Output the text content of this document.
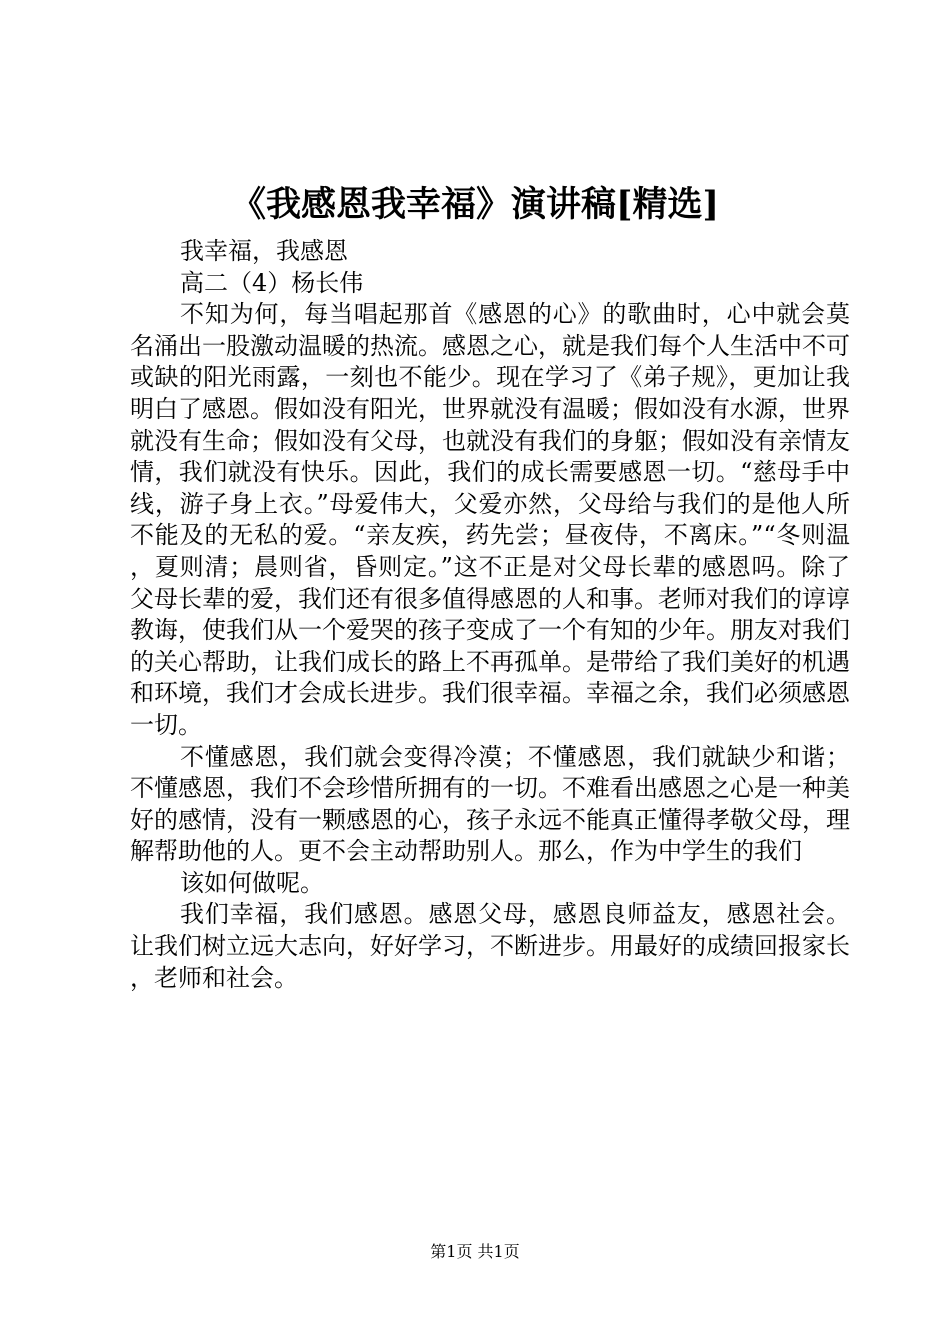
《我感恩我幸福》演讲稿[精选]

我幸福，我感恩

高二（4）杨长伟

不知为何，每当唱起那首《感恩的心》的歌曲时，心中就会莫名涌出一股激动温暖的热流。感恩之心，就是我们每个人生活中不可或缺的阳光雨露，一刻也不能少。现在学习了《弟子规》，更加让我明白了感恩。假如没有阳光，世界就没有温暖；假如没有水源，世界就没有生命；假如没有父母，也就没有我们的身躯；假如没有亲情友情，我们就没有快乐。因此，我们的成长需要感恩一切。“慈母手中线，游子身上衣。”母爱伟大，父爱亦然，父母给与我们的是他人所不能及的无私的爱。“亲友疾，药先尝；昼夜侍，不离床。”“冬则温，夏则清；晨则省，昏则定。”这不正是对父母长辈的感恩吗。除了父母长辈的爱，我们还有很多值得感恩的人和事。老师对我们的谆谆教诲，使我们从一个爱哭的孩子变成了一个有知的少年。朋友对我们的关心帮助，让我们成长的路上不再孤单。是带给了我们美好的机遇和环境，我们才会成长进步。我们很幸福。幸福之余，我们必须感恩一切。

不懂感恩，我们就会变得冷漠；不懂感恩，我们就缺少和谐；不懂感恩，我们不会珍惜所拥有的一切。不难看出感恩之心是一种美好的感情，没有一颗感恩的心，孩子永远不能真正懂得孝敬父母，理解帮助他的人。更不会主动帮助别人。那么，作为中学生的我们

该如何做呢。

我们幸福，我们感恩。感恩父母，感恩良师益友，感恩社会。让我们树立远大志向，好好学习，不断进步。用最好的成绩回报家长，老师和社会。

第1页 共1页
